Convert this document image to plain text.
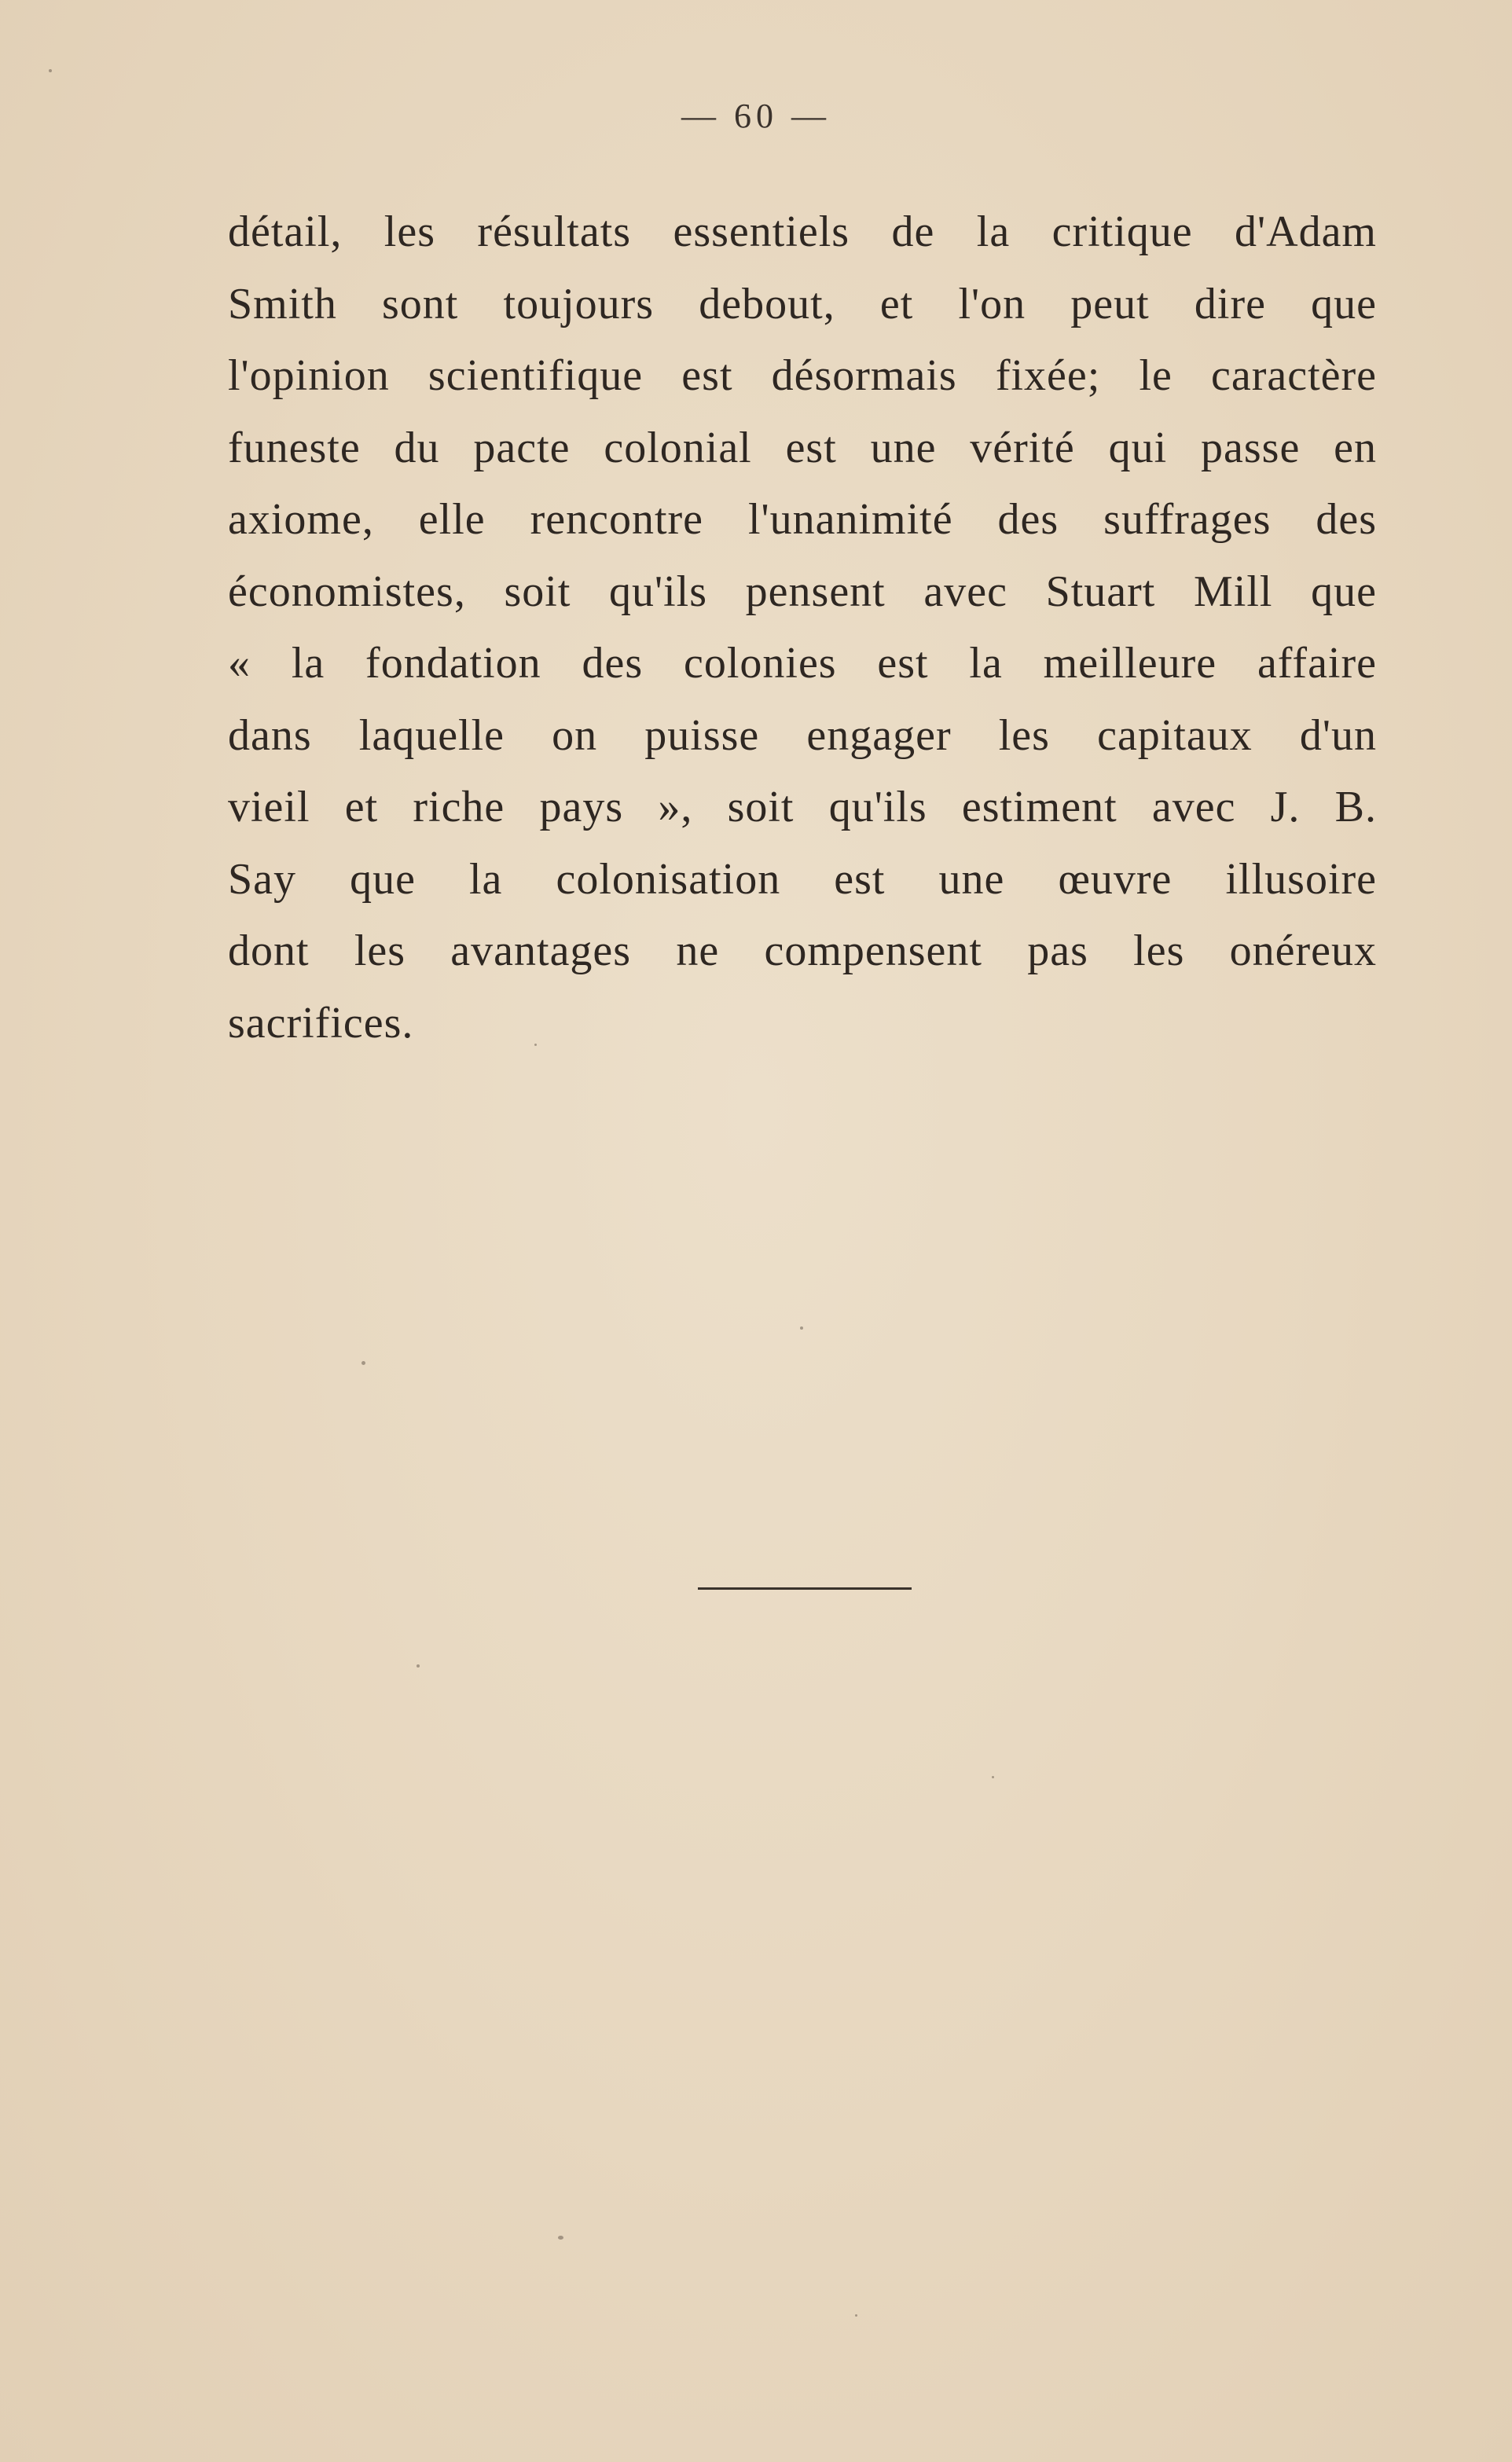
— 60 —
détail, les résultats essentiels de la critique d'Adam
Smith sont toujours debout, et l'on peut dire que
l'opinion scientifique est désormais fixée; le caractère
funeste du pacte colonial est une vérité qui passe en
axiome, elle rencontre l'unanimité des suffrages des
économistes, soit qu'ils pensent avec Stuart Mill que
« la fondation des colonies est la meilleure affaire
dans laquelle on puisse engager les capitaux d'un
vieil et riche pays », soit qu'ils estiment avec J. B.
Say que la colonisation est une œuvre illusoire
dont les avantages ne compensent pas les onéreux
sacrifices.
